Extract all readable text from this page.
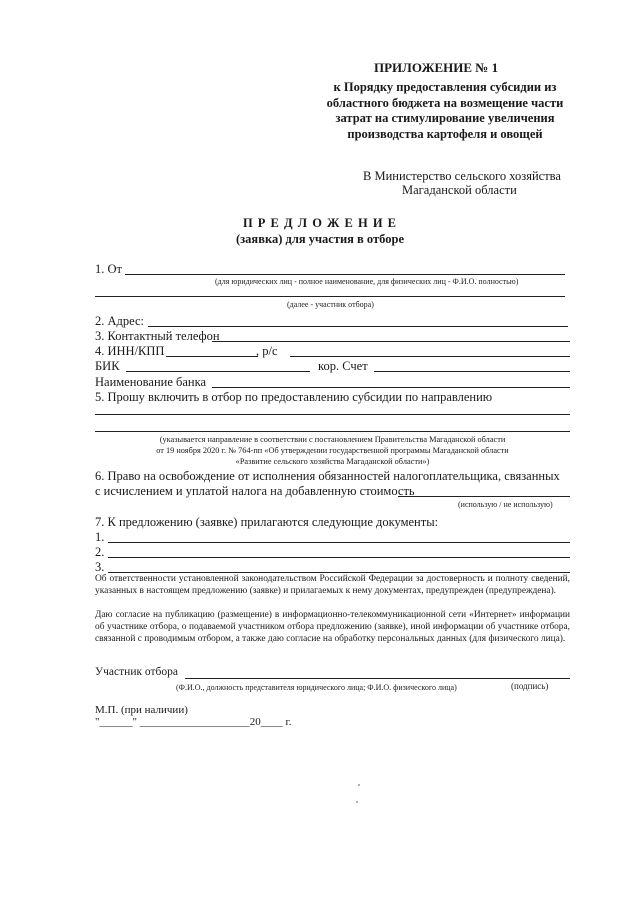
ПРИЛОЖЕНИЕ № 1
к Порядку предоставления субсидии из
областного бюджета на возмещение части
затрат на стимулирование увеличения
производства картофеля и овощей
В Министерство сельского хозяйства
Магаданской области
П Р Е Д Л О Ж Е Н И Е
(заявка) для участия в отборе
1. От
(для юридических лиц - полное наименование, для физических лиц - Ф.И.О. полностью)
(далее - участник отбора)
2. Адрес:
3. Контактный телефон
4. ИНН/КПП	, р/с
БИК	кор. Счет
Наименование банка
5. Прошу включить в отбор по предоставлению субсидии по направлению
(указывается направление в соответствии с постановлением Правительства Магаданской области
от 19 ноября 2020 г. № 764-пп «Об утверждении государственной программы Магаданской области
«Развитие сельского хозяйства Магаданской области»)
6. Право на освобождение от исполнения обязанностей налогоплательщика, связанных
с исчислением и уплатой налога на добавленную стоимость
(использую / не использую)
7. К предложению (заявке) прилагаются следующие документы:
1.
2.
3.
Об ответственности установленной законодательством Российской Федерации за достоверность и полноту сведений, указанных в настоящем предложению (заявке) и прилагаемых к нему документах, предупрежден (предупреждена).
Даю согласие на публикацию (размещение) в информационно-телекоммуникационной сети «Интернет» информации об участнике отбора, о подаваемой участником отбора предложению (заявке), иной информации об участнике отбора, связанной с проводимым отбором, а также даю согласие на обработку персональных данных (для физического лица).
Участник отбора
(Ф.И.О., должность представителя юридического лица; Ф.И.О. физического лица)	(подпись)
М.П. (при наличии)
"______" ____________________20____ г.
